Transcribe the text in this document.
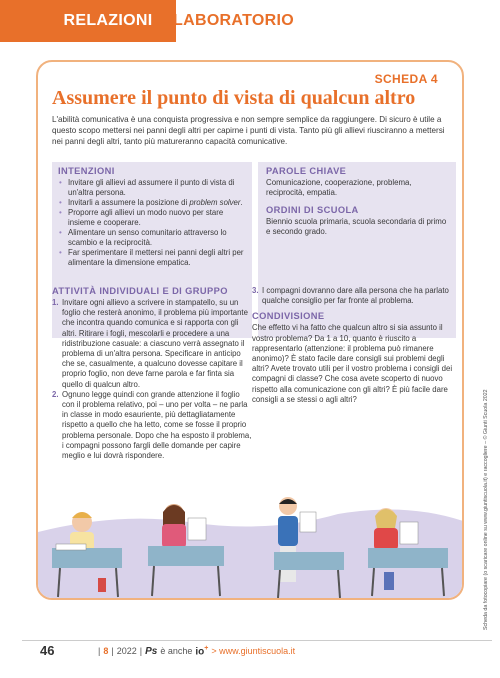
RELAZIONI LABORATORIO
SCHEDA 4
Assumere il punto di vista di qualcun altro
L'abilità comunicativa è una conquista progressiva e non sempre semplice da raggiungere. Di sicuro è utile a questo scopo mettersi nei panni degli altri per capirne i punti di vista. Tanto più gli allievi riusciranno a mettersi nei panni degli altri, tanto più matureranno capacità comunicative.
INTENZIONI
• Invitare gli allievi ad assumere il punto di vista di un'altra persona.
• Invitarli a assumere la posizione di problem solver.
• Proporre agli allievi un modo nuovo per stare insieme e cooperare.
• Alimentare un senso comunitario attraverso lo scambio e la reciprocità.
• Far sperimentare il mettersi nei panni degli altri per alimentare la dimensione empatica.
PAROLE CHIAVE

Comunicazione, cooperazione, problema, reciprocità, empatia.

ORDINI DI SCUOLA

Biennio scuola primaria, scuola secondaria di primo e secondo grado.

ATTIVITÀ INDIVIDUALI E DI GRUPPO
1. Invitare ogni allievo a scrivere in stampatello, su un foglio che resterà anonimo, il problema più importante che incontra quando comunica e si rapporta con gli altri. Ritirare i fogli, mescolarli e procedere a una ridistribuzione casuale: a ciascuno verrà assegnato il problema di un'altra persona. Specificare in anticipo che se, casualmente, a qualcuno dovesse capitare il proprio foglio, non deve farne parola e far finta sia quello di qualcun altro.
2. Ognuno legge quindi con grande attenzione il foglio con il problema relativo, poi – uno per volta – ne parla in classe in modo esauriente, più dettagliatamente rispetto a quello che ha letto, come se fosse il proprio problema personale. Dopo che ha esposto il problema, i compagni possono fargli delle domande per capire meglio e lui dovrà rispondere.
3. I compagni dovranno dare alla persona che ha parlato qualche consiglio per far fronte al problema.
CONDIVISIONE

Che effetto vi ha fatto che qualcun altro si sia assunto il vostro problema? Da 1 a 10, quanto è riuscito a rappresentarlo (attenzione: il problema può rimanere anonimo)? È stato facile dare consigli sui problemi degli altri? Avete trovato utili per il vostro problema i consigli dei compagni di classe? Che cosa avete scoperto di nuovo rispetto alla comunicazione con gli altri? È più facile dare consigli a se stessi o agli altri?	Scheda da fotocopiare (o scaricare online su www.giuntiscuola.it) e raccogliere – © Giunti Scuola 2022
46	| 8 | 2022 | Ps è anche io+ > www.giuntiscuola.it
